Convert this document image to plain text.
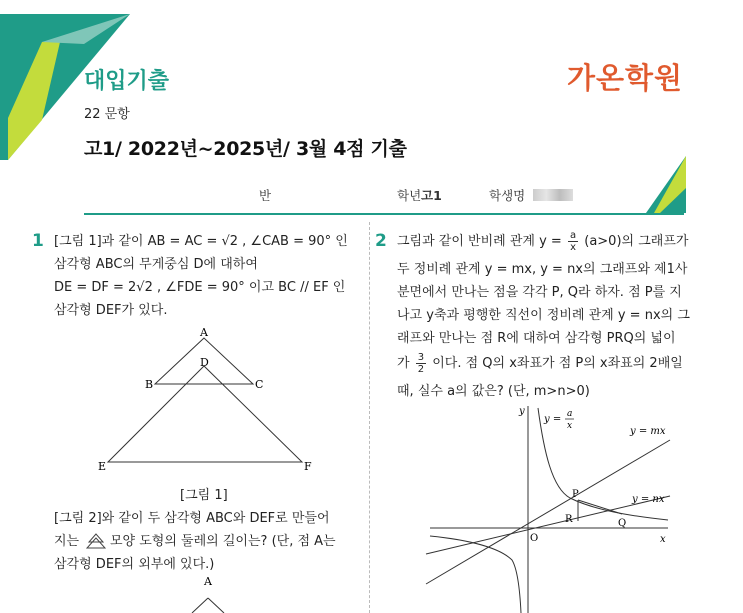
대입기출
22 문항
고1/ 2022년~2025년/ 3월 4점 기출
가온학원
반	학년 고1	학생명
1 [그림 1]과 같이 AB = AC = √2 , ∠CAB = 90° 인
삼각형 ABC의 무게중심 D에 대하여
DE = DF = 2√2 , ∠FDE = 90° 이고 BC // EF 인
삼각형 DEF가 있다.
A
D
B	C
E	F
[그림 1]
[그림 2]와 같이 두 삼각형 ABC와 DEF로 만들어
지는 모양 도형의 둘레의 길이는? (단, 점 A는
삼각형 DEF의 외부에 있다.)
A
2 그림과 같이 반비례 관계 $y = \frac{a}{x} (a>0)$의 그래프가
두 정비례 관계 y = mx, y = nx의 그래프와 제1사
분면에서 만나는 점을 각각 P, Q라 하자. 점 P를 지
나고 y축과 평행한 직선이 정비례 관계 y = nx의 그
래프와 만나는 점 R에 대하여 삼각형 PRQ의 넓이
가 $\frac{3}{2}$ 이다. 점 Q의 x좌표가 점 P의 x좌표의 2배일
때, 실수 a의 값은? (단, m>n>0)
y
x
O
P
R	Q
y = a
x	y = mx
y = nx
